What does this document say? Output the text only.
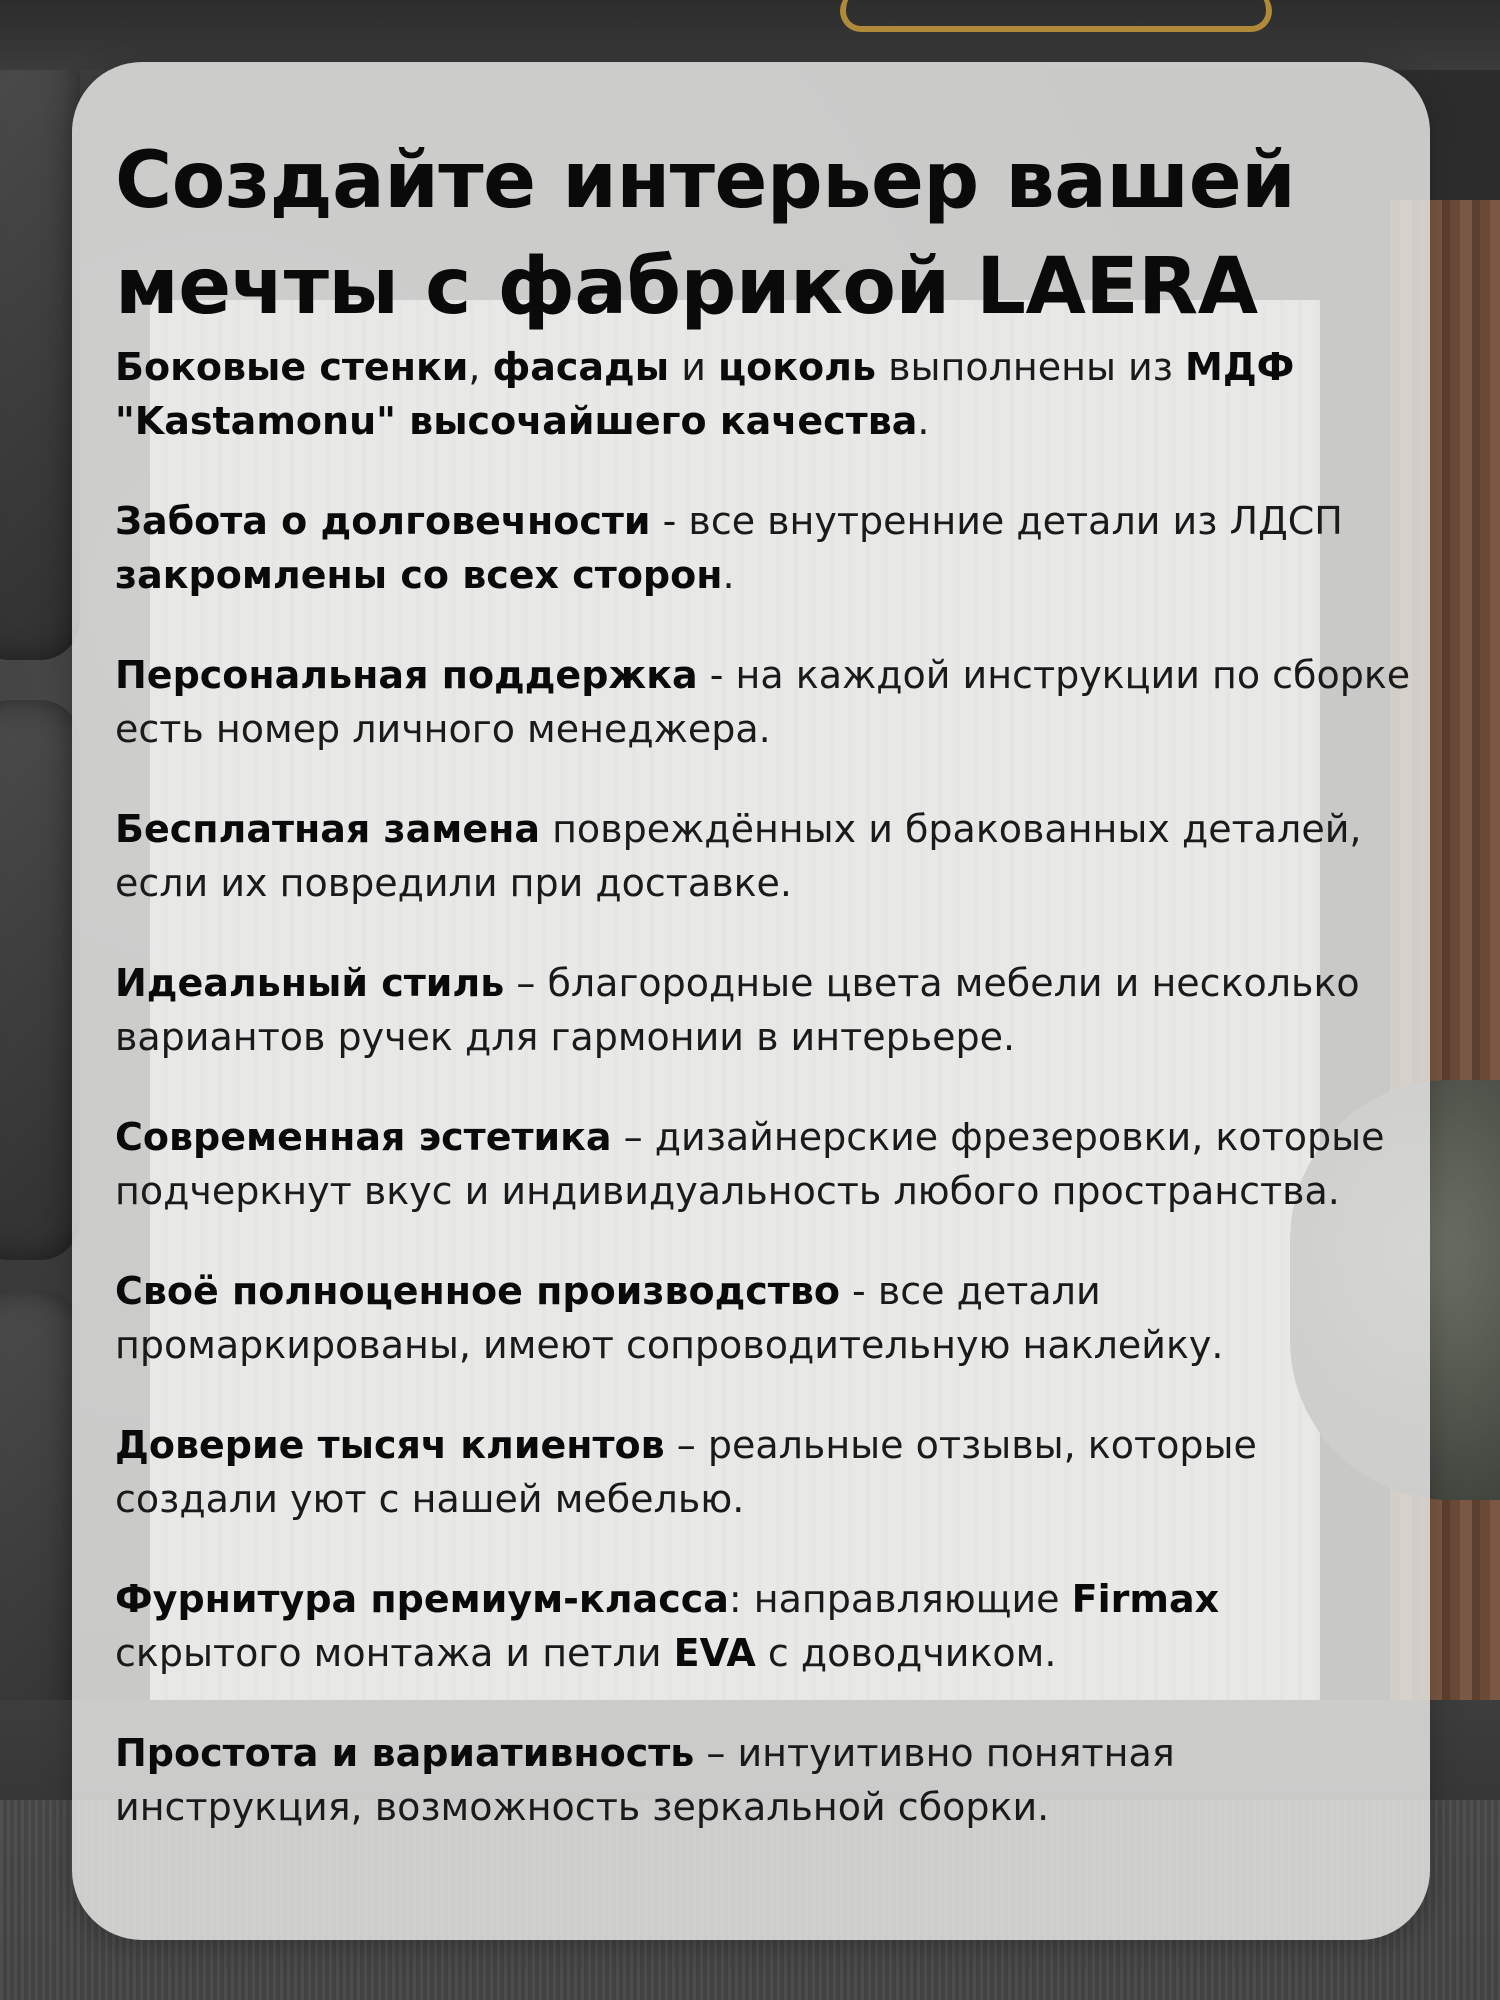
Создайте интерьер вашей
мечты с фабрикой LAERA
Боковые стенки, фасады и цоколь выполнены из МДФ "Kastamonu" высочайшего качества.
Забота о долговечности - все внутренние детали из ЛДСП закромлены со всех сторон.
Персональная поддержка - на каждой инструкции по сборке есть номер личного менеджера.
Бесплатная замена повреждённых и бракованных деталей, если их повредили при доставке.
Идеальный стиль – благородные цвета мебели и несколько вариантов ручек для гармонии в интерьере.
Современная эстетика – дизайнерские фрезеровки, которые подчеркнут вкус и индивидуальность любого пространства.
Своё полноценное производство - все детали промаркированы, имеют сопроводительную наклейку.
Доверие тысяч клиентов – реальные отзывы, которые создали уют с нашей мебелью.
Фурнитура премиум-класса: направляющие Firmax скрытого монтажа и петли EVA с доводчиком.
Простота и вариативность – интуитивно понятная инструкция, возможность зеркальной сборки.
